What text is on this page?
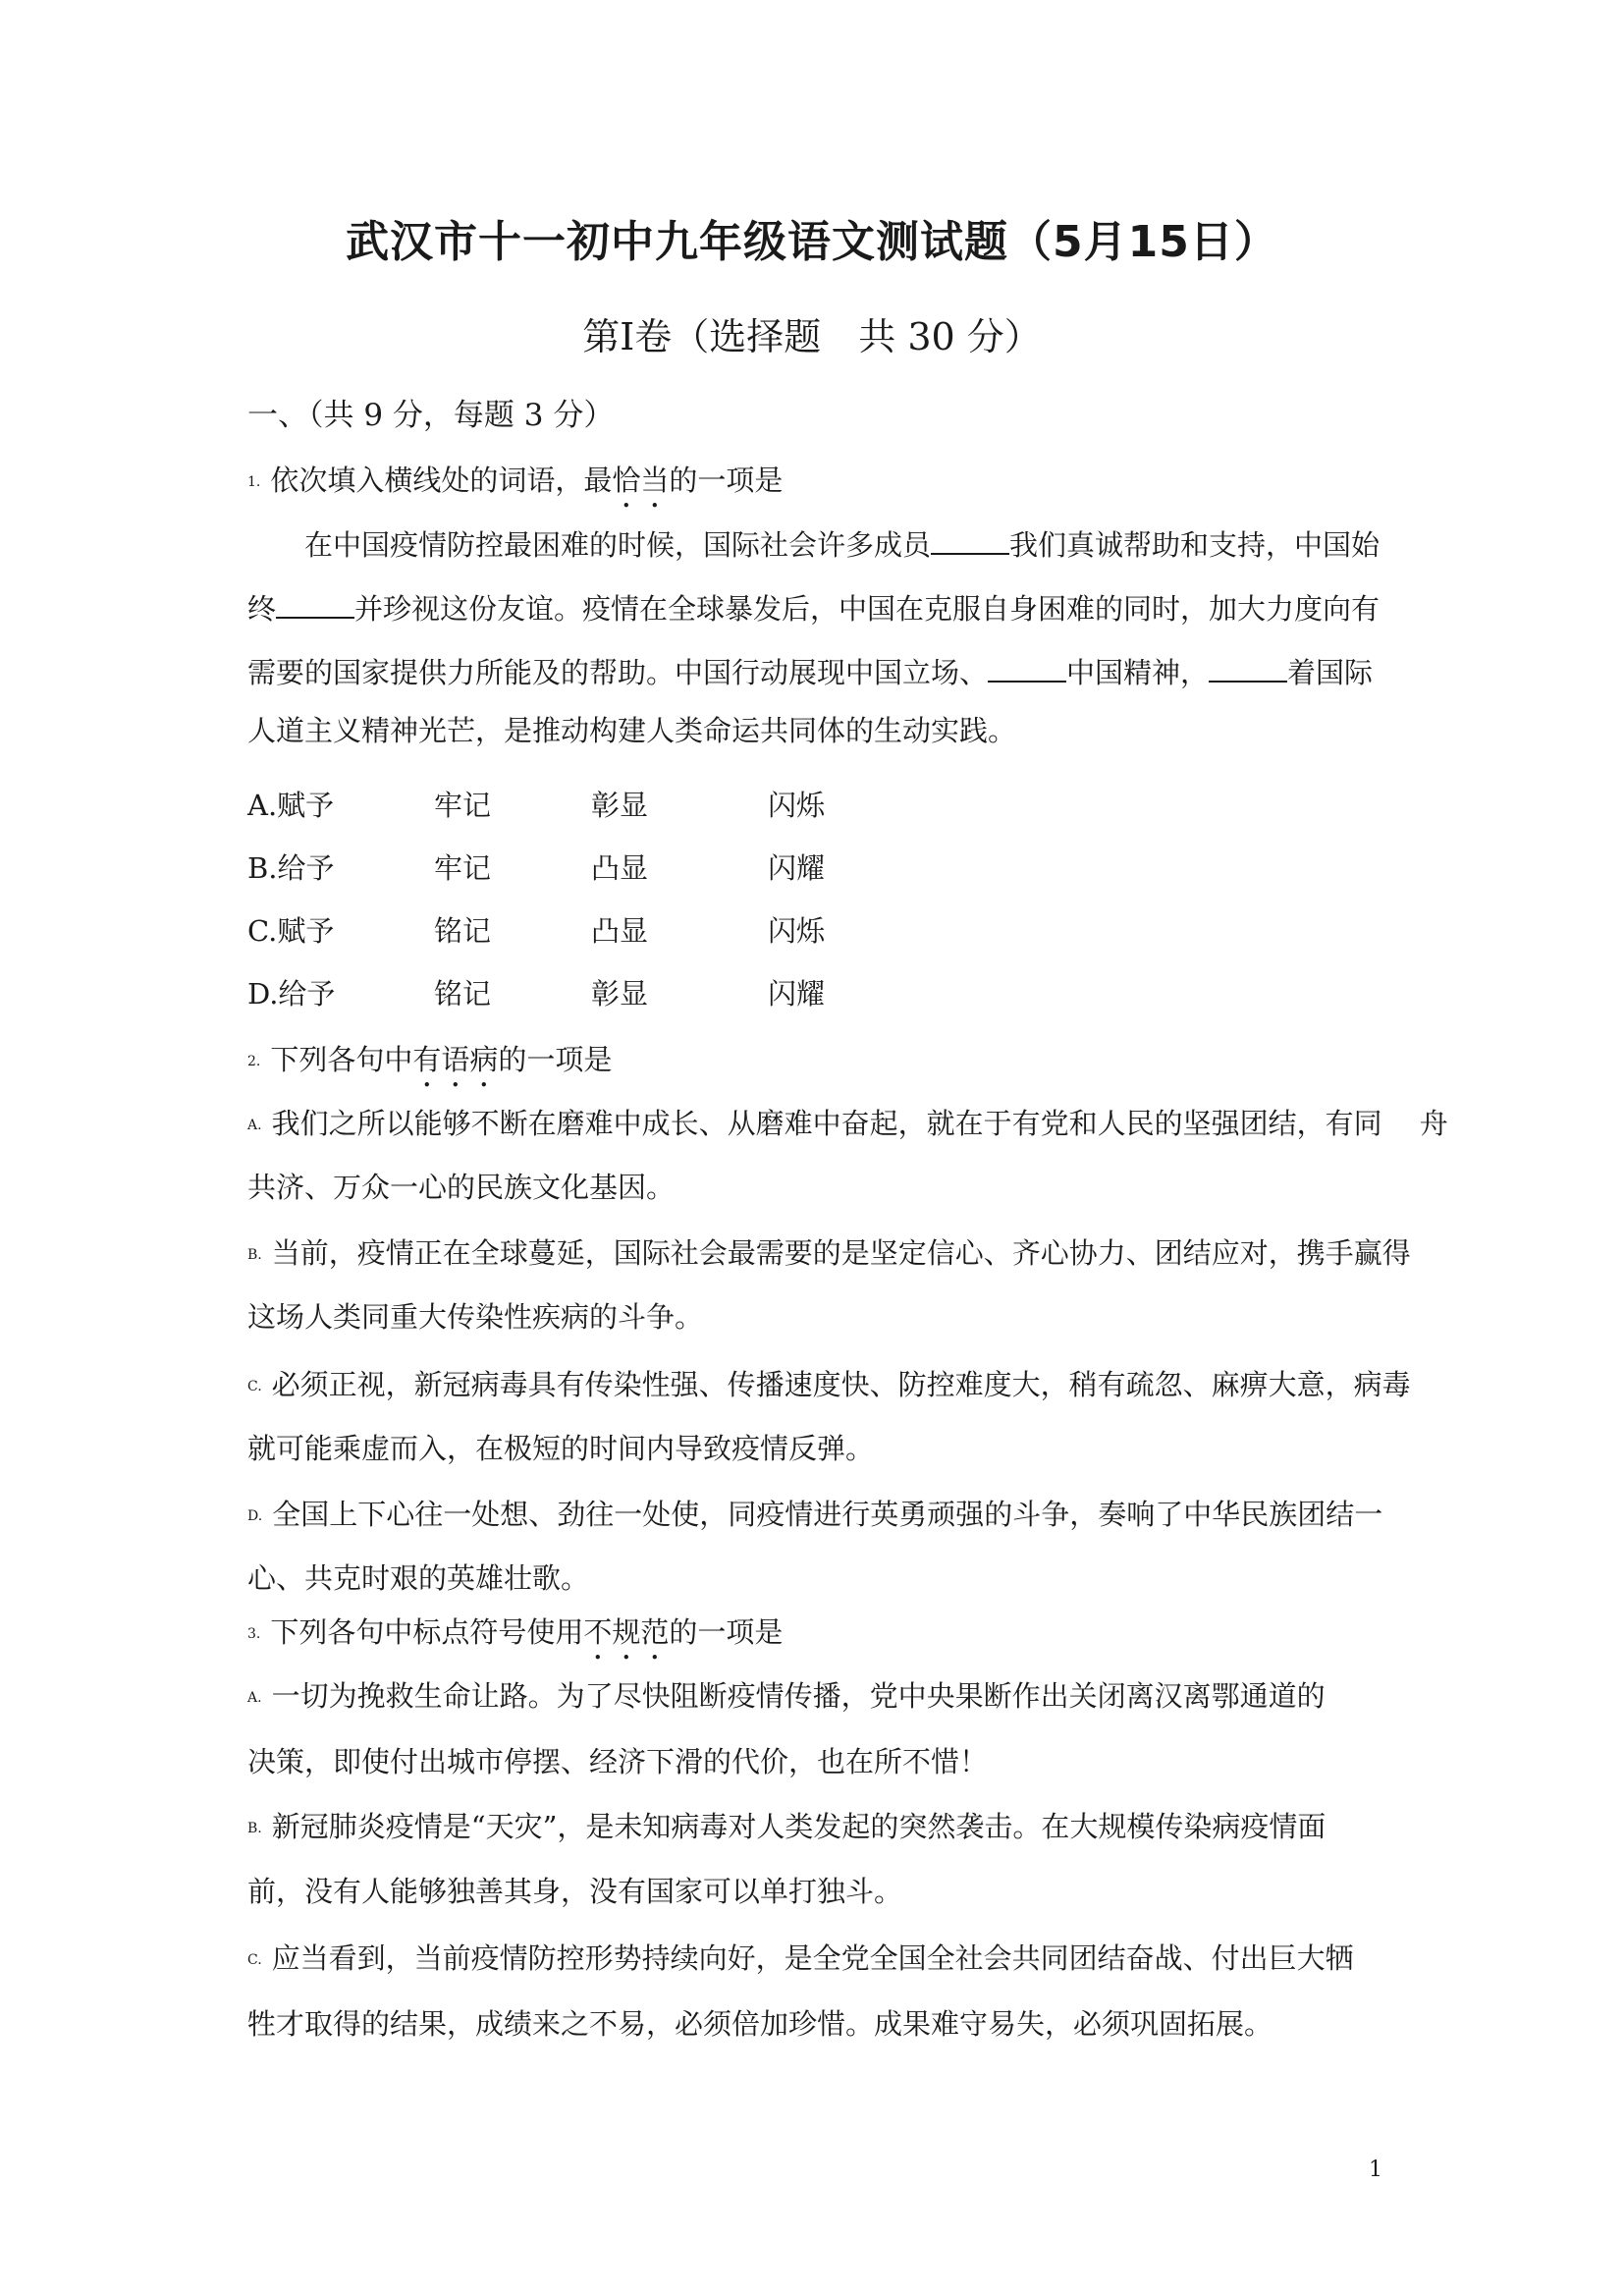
武汉市十一初中九年级语文测试题（5月15日）
第Ⅰ卷（选择题　共 30 分）
一、（共 9 分，每题 3 分）
1. 依次填入横线处的词语，最恰当的一项是
在中国疫情防控最困难的时候，国际社会许多成员	我们真诚帮助和支持，中国始
终	并珍视这份友谊。疫情在全球暴发后，中国在克服自身困难的同时，加大力度向有
需要的国家提供力所能及的帮助。中国行动展现中国立场、	中国精神，	着国际
人道主义精神光芒，是推动构建人类命运共同体的生动实践。
A.赋予	牢记	彰显	闪烁
B.给予	牢记	凸显	闪耀
C.赋予	铭记	凸显	闪烁
D.给予	铭记	彰显	闪耀
2. 下列各句中有语病的一项是
A. 我们之所以能够不断在磨难中成长、从磨难中奋起，就在于有党和人民的坚强团结，有同　 舟
共济、万众一心的民族文化基因。
B. 当前，疫情正在全球蔓延，国际社会最需要的是坚定信心、齐心协力、团结应对，携手赢得
这场人类同重大传染性疾病的斗争。
C. 必须正视，新冠病毒具有传染性强、传播速度快、防控难度大，稍有疏忽、麻痹大意，病毒
就可能乘虚而入，在极短的时间内导致疫情反弹。
D. 全国上下心往一处想、劲往一处使，同疫情进行英勇顽强的斗争，奏响了中华民族团结一
心、共克时艰的英雄壮歌。
3. 下列各句中标点符号使用不规范的一项是
A. 一切为挽救生命让路。为了尽快阻断疫情传播，党中央果断作出关闭离汉离鄂通道的
决策，即使付出城市停摆、经济下滑的代价，也在所不惜！
B. 新冠肺炎疫情是“天灾”，是未知病毒对人类发起的突然袭击。在大规模传染病疫情面
前，没有人能够独善其身，没有国家可以单打独斗。
C. 应当看到，当前疫情防控形势持续向好，是全党全国全社会共同团结奋战、付出巨大牺
牲才取得的结果，成绩来之不易，必须倍加珍惜。成果难守易失，必须巩固拓展。
1
